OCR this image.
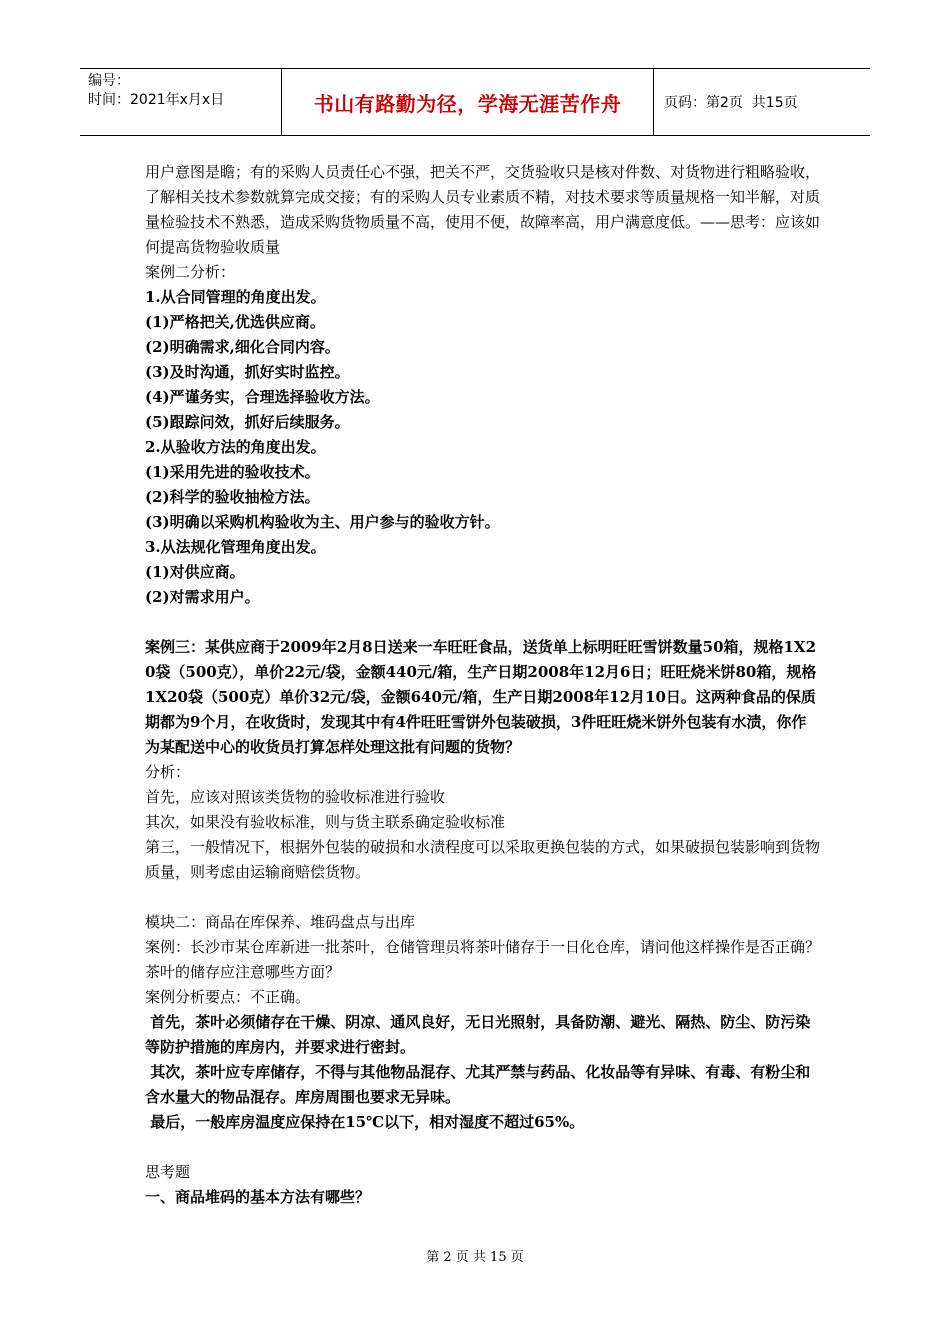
编号：
时间：2021年x月x日	书山有路勤为径，学海无涯苦作舟	页码：第2页  共15页

用户意图是瞻；有的采购人员责任心不强，把关不严，交货验收只是核对件数、对货物进行粗略验收，了解相关技术参数就算完成交接；有的采购人员专业素质不精，对技术要求等质量规格一知半解，对质量检验技术不熟悉，造成采购货物质量不高，使用不便，故障率高，用户满意度低。——思考：应该如何提高货物验收质量

案例二分析：

1.从合同管理的角度出发。

(1)严格把关,优选供应商。

(2)明确需求,细化合同内容。

(3)及时沟通，抓好实时监控。

(4)严谨务实，合理选择验收方法。

(5)跟踪问效，抓好后续服务。

2.从验收方法的角度出发。

(1)采用先进的验收技术。

(2)科学的验收抽检方法。

(3)明确以采购机构验收为主、用户参与的验收方针。

3.从法规化管理角度出发。

(1)对供应商。

(2)对需求用户。

案例三：某供应商于2009年2月8日送来一车旺旺食品，送货单上标明旺旺雪饼数量50箱，规格1X20袋（500克），单价22元/袋，金额440元/箱，生产日期2008年12月6日；旺旺烧米饼80箱，规格1X20袋（500克）单价32元/袋，金额640元/箱，生产日期2008年12月10日。这两种食品的保质期都为9个月，在收货时，发现其中有4件旺旺雪饼外包装破损，3件旺旺烧米饼外包装有水渍，你作为某配送中心的收货员打算怎样处理这批有问题的货物？

分析：

首先，应该对照该类货物的验收标准进行验收

其次，如果没有验收标准，则与货主联系确定验收标准

第三，一般情况下，根据外包装的破损和水渍程度可以采取更换包装的方式，如果破损包装影响到货物质量，则考虑由运输商赔偿货物。

模块二：商品在库保养、堆码盘点与出库

案例：长沙市某仓库新进一批茶叶，仓储管理员将茶叶储存于一日化仓库，请问他这样操作是否正确？茶叶的储存应注意哪些方面？

案例分析要点：不正确。

首先，茶叶必须储存在干燥、阴凉、通风良好，无日光照射，具备防潮、避光、隔热、防尘、防污染等防护措施的库房内，并要求进行密封。

其次，茶叶应专库储存，不得与其他物品混存、尤其严禁与药品、化妆品等有异味、有毒、有粉尘和含水量大的物品混存。库房周围也要求无异味。

最后，一般库房温度应保持在15℃以下，相对湿度不超过65%。

思考题

一、商品堆码的基本方法有哪些？

第 2 页 共 15 页
